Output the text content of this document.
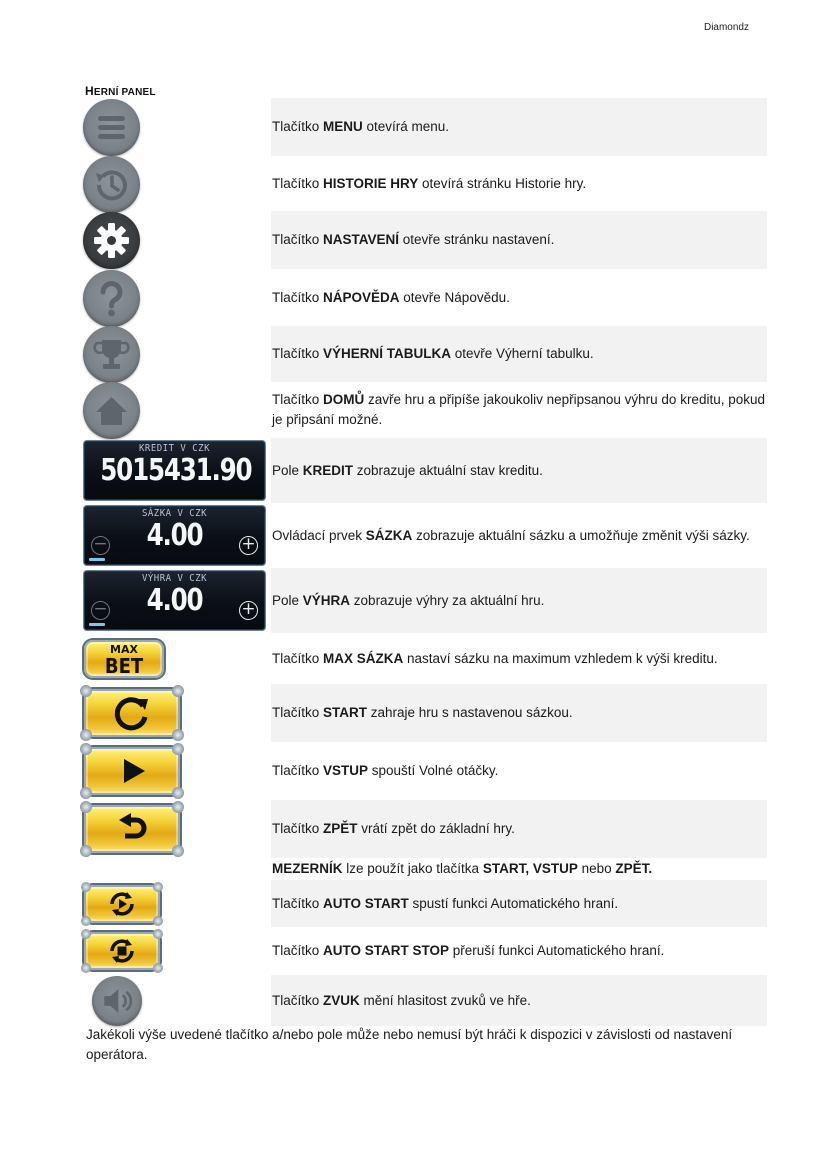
Diamondz
HERNÍ PANEL
Tlačítko MENU otevírá menu.
Tlačítko HISTORIE HRY otevírá stránku Historie hry.
Tlačítko NASTAVENÍ otevře stránku nastavení.
Tlačítko NÁPOVĚDA otevře Nápovědu.
Tlačítko VÝHERNÍ TABULKA otevře Výherní tabulku.
Tlačítko DOMŮ zavře hru a připíše jakoukoliv nepřipsanou výhru do kreditu, pokud je připsání možné.
KREDIT V CZK
5015431.90 Pole KREDIT zobrazuje aktuální stav kreditu.
SÁZKA V CZK
4.00
−	+ Ovládací prvek SÁZKA zobrazuje aktuální sázku a umožňuje změnit výši sázky.
VÝHRA V CZK
4.00
−	+ Pole VÝHRA zobrazuje výhry za aktuální hru.
MAX
BET	Tlačítko MAX SÁZKA nastaví sázku na maximum vzhledem k výši kreditu.
Tlačítko START zahraje hru s nastavenou sázkou.
Tlačítko VSTUP spouští Volné otáčky.
Tlačítko ZPĚT vrátí zpět do základní hry.
MEZERNÍK lze použít jako tlačítka START, VSTUP nebo ZPĚT.
Tlačítko AUTO START spustí funkci Automatického hraní.
Tlačítko AUTO START STOP přeruší funkci Automatického hraní.
Tlačítko ZVUK mění hlasitost zvuků ve hře.
Jakékoli výše uvedené tlačítko a/nebo pole může nebo nemusí být hráči k dispozici v závislosti od nastavení operátora.
